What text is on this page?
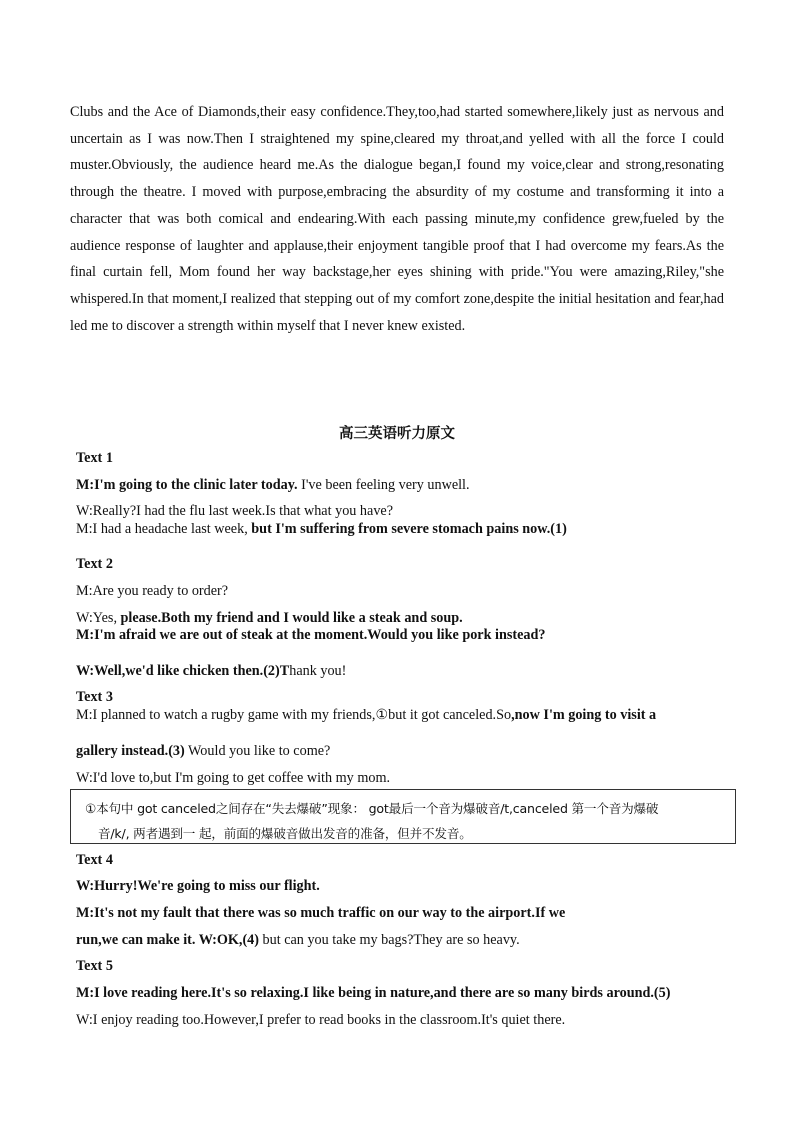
Clubs and the Ace of Diamonds,their easy confidence.They,too,had started somewhere,likely just as nervous and uncertain as I was now.Then I straightened my spine,cleared my throat,and yelled with all the force I could muster.Obviously, the audience heard me.As the dialogue began,I found my voice,clear and strong,resonating through the theatre. I moved with purpose,embracing the absurdity of my costume and transforming it into a character that was both comical and endearing.With each passing minute,my confidence grew,fueled by the audience response of laughter and applause,their enjoyment tangible proof that I had overcome my fears.As the final curtain fell, Mom found her way backstage,her eyes shining with pride."You were amazing,Riley,"she whispered.In that moment,I realized that stepping out of my comfort zone,despite the initial hesitation and fear,had led me to discover a strength within myself that I never knew existed.
高三英语听力原文
Text 1
M:I'm going to the clinic later today. I've been feeling very unwell.
W:Really?I had the flu last week.Is that what you have?
M:I had a headache last week, but I'm suffering from severe stomach pains now.(1)
Text 2
M:Are you ready to order?
W:Yes, please.Both my friend and I would like a steak and soup.
M:I'm afraid we are out of steak at the moment.Would you like pork instead?
W:Well,we'd like chicken then.(2)Thank you!
Text 3
M:I planned to watch a rugby game with my friends,①but it got canceled.So,now I'm going to visit a
gallery instead.(3) Would you like to come?
W:I'd love to,but I'm going to get coffee with my mom.
①本句中 got canceled之间存在“失去爆破”现象： got最后一个音为爆破音/t,canceled 第一个音为爆破
音/k/, 两者遇到一 起，前面的爆破音做出发音的准备，但并不发音。
Text 4
W:Hurry!We're going to miss our flight.
M:It's not my fault that there was so much traffic on our way to the airport.If we
run,we can make it. W:OK,(4) but can you take my bags?They are so heavy.
Text 5
M:I love reading here.It's so relaxing.I like being in nature,and there are so many birds around.(5)
W:I enjoy reading too.However,I prefer to read books in the classroom.It's quiet there.
